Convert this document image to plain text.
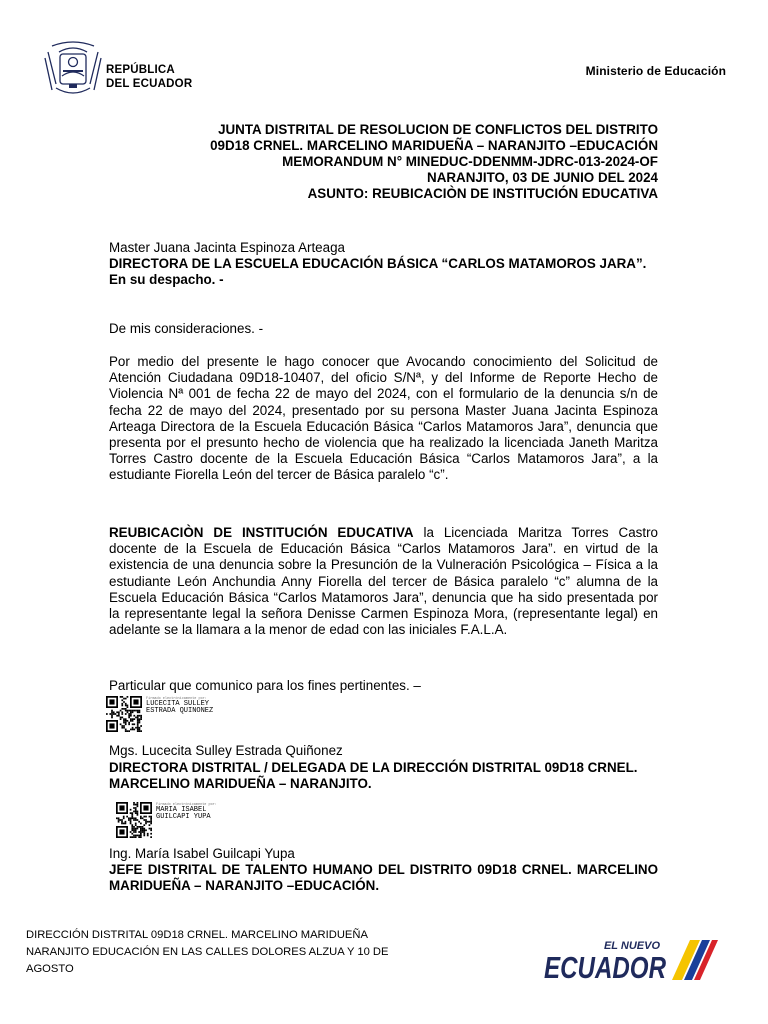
REPÚBLICA
DEL ECUADOR
Ministerio de Educación
JUNTA DISTRITAL DE RESOLUCION DE CONFLICTOS DEL DISTRITO
09D18 CRNEL. MARCELINO MARIDUEÑA – NARANJITO –EDUCACIÓN
MEMORANDUM N° MINEDUC-DDENMM-JDRC-013-2024-OF
NARANJITO, 03 DE JUNIO DEL 2024
ASUNTO: REUBICACIÒN DE INSTITUCIÓN EDUCATIVA
Master Juana Jacinta Espinoza Arteaga
DIRECTORA DE LA ESCUELA EDUCACIÓN BÁSICA “CARLOS MATAMOROS JARA”.
En su despacho. -
De mis consideraciones. -
Por medio del presente le hago conocer que Avocando conocimiento del Solicitud de Atención Ciudadana 09D18-10407, del oficio S/Nª, y del Informe de Reporte Hecho de Violencia Nª 001 de fecha 22 de mayo del 2024, con el formulario de la denuncia s/n de fecha 22 de mayo del 2024, presentado por su persona Master Juana Jacinta Espinoza Arteaga Directora de la Escuela Educación Básica “Carlos Matamoros Jara”, denuncia que presenta por el presunto hecho de violencia que ha realizado la licenciada Janeth Maritza Torres Castro docente de la Escuela Educación Básica “Carlos Matamoros Jara”, a la estudiante Fiorella León del tercer de Básica paralelo “c”.
REUBICACIÒN DE INSTITUCIÓN EDUCATIVA la Licenciada Maritza Torres Castro docente de la Escuela de Educación Básica “Carlos Matamoros Jara”. en virtud de la existencia de una denuncia sobre la Presunción de la Vulneración Psicológica – Física a la estudiante León Anchundia Anny Fiorella del tercer de Básica paralelo “c” alumna de la Escuela Educación Básica “Carlos Matamoros Jara”, denuncia que ha sido presentada por la representante legal la señora Denisse Carmen Espinoza Mora, (representante legal) en adelante se la llamara a la menor de edad con las iniciales F.A.L.A.
Particular que comunico para los fines pertinentes. –
Firmado electrónicamente por:
LUCECITA SULLEY
ESTRADA QUINONEZ
Mgs. Lucecita Sulley Estrada Quiñonez
DIRECTORA DISTRITAL / DELEGADA DE LA DIRECCIÓN DISTRITAL 09D18 CRNEL. MARCELINO MARIDUEÑA – NARANJITO.
Firmado electrónicamente por:
MARIA ISABEL
GUILCAPI YUPA
Ing. María Isabel Guilcapi Yupa
JEFE DISTRITAL DE TALENTO HUMANO DEL DISTRITO 09D18 CRNEL. MARCELINO MARIDUEÑA – NARANJITO –EDUCACIÓN.
DIRECCIÓN DISTRITAL 09D18 CRNEL. MARCELINO MARIDUEÑA NARANJITO EDUCACIÓN EN LAS CALLES DOLORES ALZUA Y 10 DE AGOSTO
EL NUEVO
ECUADOR
